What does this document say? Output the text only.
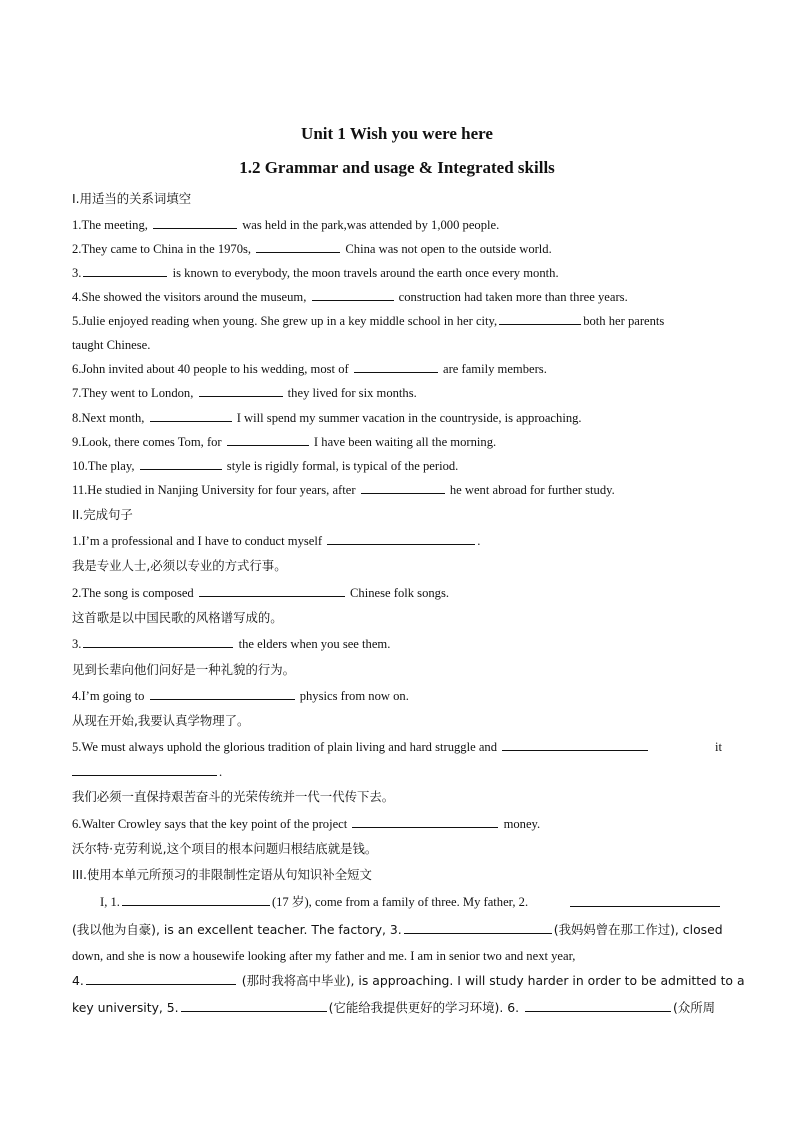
Unit 1 Wish you were here
1.2 Grammar and usage & Integrated skills
I.用适当的关系词填空
1.The meeting,	was held in the park,was attended by 1,000 people.
2.They came to China in the 1970s,	China was not open to the outside world.
3.	is known to everybody, the moon travels around the earth once every month.
4.She showed the visitors around the museum,	construction had taken more than three years.
5.Julie enjoyed reading when young. She grew up in a key middle school in her city,	both her parents
taught Chinese.
6.John invited about 40 people to his wedding, most of	are family members.
7.They went to London,	they lived for six months.
8.Next month,	I will spend my summer vacation in the countryside, is approaching.
9.Look, there comes Tom, for	I have been waiting all the morning.
10.The play,	style is rigidly formal, is typical of the period.
11.He studied in Nanjing University for four years, after	he went abroad for further study.
II.完成句子
1.I’m a professional and I have to conduct myself	.
我是专业人士,必须以专业的方式行事。
2.The song is composed	Chinese folk songs.
这首歌是以中国民歌的风格谱写成的。
3.	the elders when you see them.
见到长辈向他们问好是一种礼貌的行为。
4.I’m going to	physics from now on.
从现在开始,我要认真学物理了。
5.We must always uphold the glorious tradition of plain living and hard struggle and	it
.
我们必须一直保持艰苦奋斗的光荣传统并一代一代传下去。
6.Walter Crowley says that the key point of the project	money.
沃尔特·克劳利说,这个项目的根本问题归根结底就是钱。
III.使用本单元所预习的非限制性定语从句知识补全短文
I, 1.	(17 岁), come from a family of three. My father, 2.
(我以他为自豪), is an excellent teacher. The factory, 3.	(我妈妈曾在那工作过), closed
down, and she is now a housewife looking after my father and me. I am in senior two and next year,
4.	(那时我将高中毕业), is approaching. I will study harder in order to be admitted to a
key university, 5.	(它能给我提供更好的学习环境). 6.	(众所周
